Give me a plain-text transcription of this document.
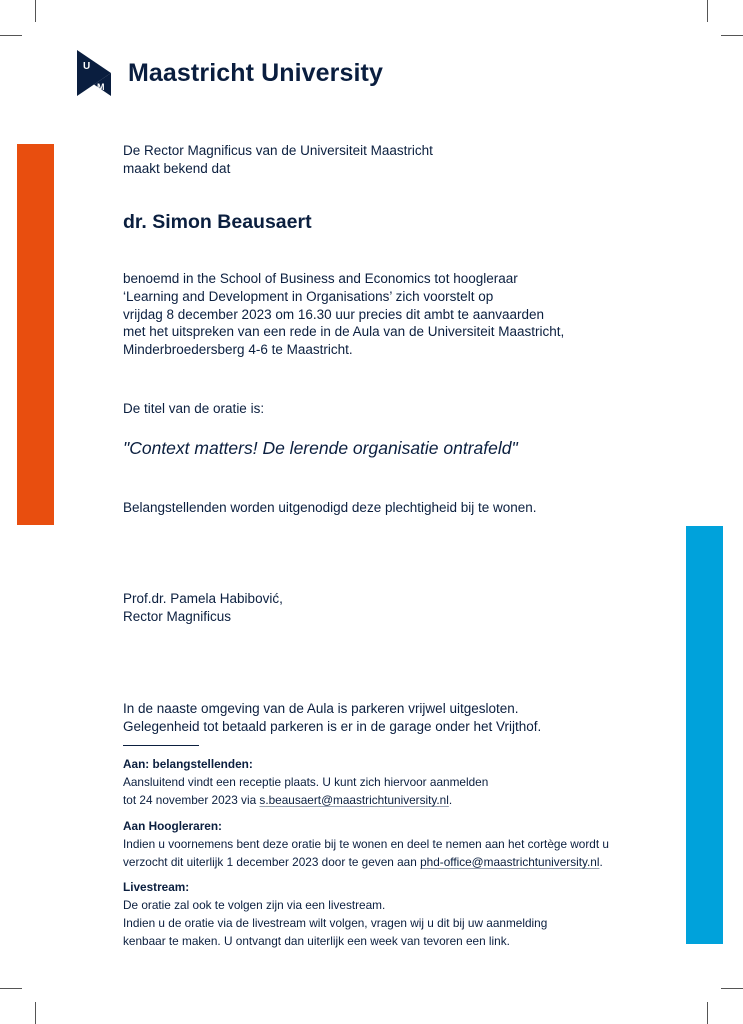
U
M
Maastricht University
De Rector Magnificus van de Universiteit Maastricht
maakt bekend dat
dr. Simon Beausaert
benoemd in the School of Business and Economics tot hoogleraar
‘Learning and Development in Organisations’ zich voorstelt op
vrijdag 8 december 2023 om 16.30 uur precies dit ambt te aanvaarden
met het uitspreken van een rede in de Aula van de Universiteit Maastricht,
Minderbroedersberg 4-6 te Maastricht.
De titel van de oratie is:
"Context matters! De lerende organisatie ontrafeld"
Belangstellenden worden uitgenodigd deze plechtigheid bij te wonen.
Prof.dr. Pamela Habibović,
Rector Magnificus
In de naaste omgeving van de Aula is parkeren vrijwel uitgesloten.
Gelegenheid tot betaald parkeren is er in de garage onder het Vrijthof.
Aan: belangstellenden:
Aansluitend vindt een receptie plaats. U kunt zich hiervoor aanmelden
tot 24 november 2023 via s.beausaert@maastrichtuniversity.nl.
Aan Hoogleraren:
Indien u voornemens bent deze oratie bij te wonen en deel te nemen aan het cortège wordt u
verzocht dit uiterlijk 1 december 2023 door te geven aan phd-office@maastrichtuniversity.nl.
Livestream:
De oratie zal ook te volgen zijn via een livestream.
Indien u de oratie via de livestream wilt volgen, vragen wij u dit bij uw aanmelding
kenbaar te maken. U ontvangt dan uiterlijk een week van tevoren een link.
